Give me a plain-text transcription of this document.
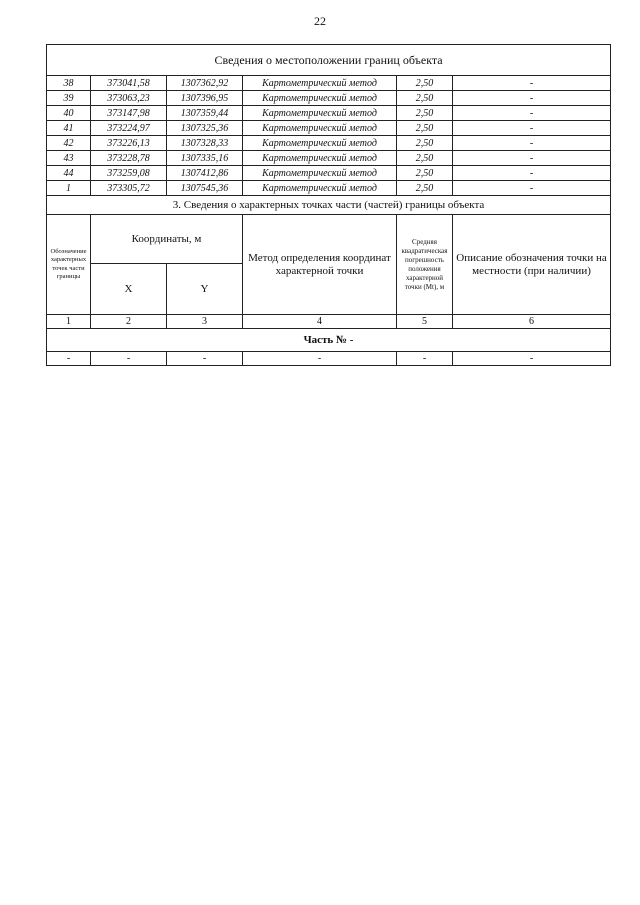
22
Сведения о местоположении границ объекта					
38	373041,58	1307362,92	Картометрический метод	2,50	-
39	373063,23	1307396,95	Картометрический метод	2,50	-
40	373147,98	1307359,44	Картометрический метод	2,50	-
41	373224,97	1307325,36	Картометрический метод	2,50	-
42	373226,13	1307328,33	Картометрический метод	2,50	-
43	373228,78	1307335,16	Картометрический метод	2,50	-
44	373259,08	1307412,86	Картометрический метод	2,50	-
1	373305,72	1307545,36	Картометрический метод	2,50	-
3. Сведения о характерных точках части (частей) границы объекта					
Обозначение характерных точек части границы	Координаты, м		Метод определения координат характерной точки	Средняя квадратическая погрешность положения характерной точки (Mt), м	Описание обозначения точки на местности (при наличии)
	X	Y			
1	2	3	4	5	6
Часть № -					
-	-	-	-	-	-
